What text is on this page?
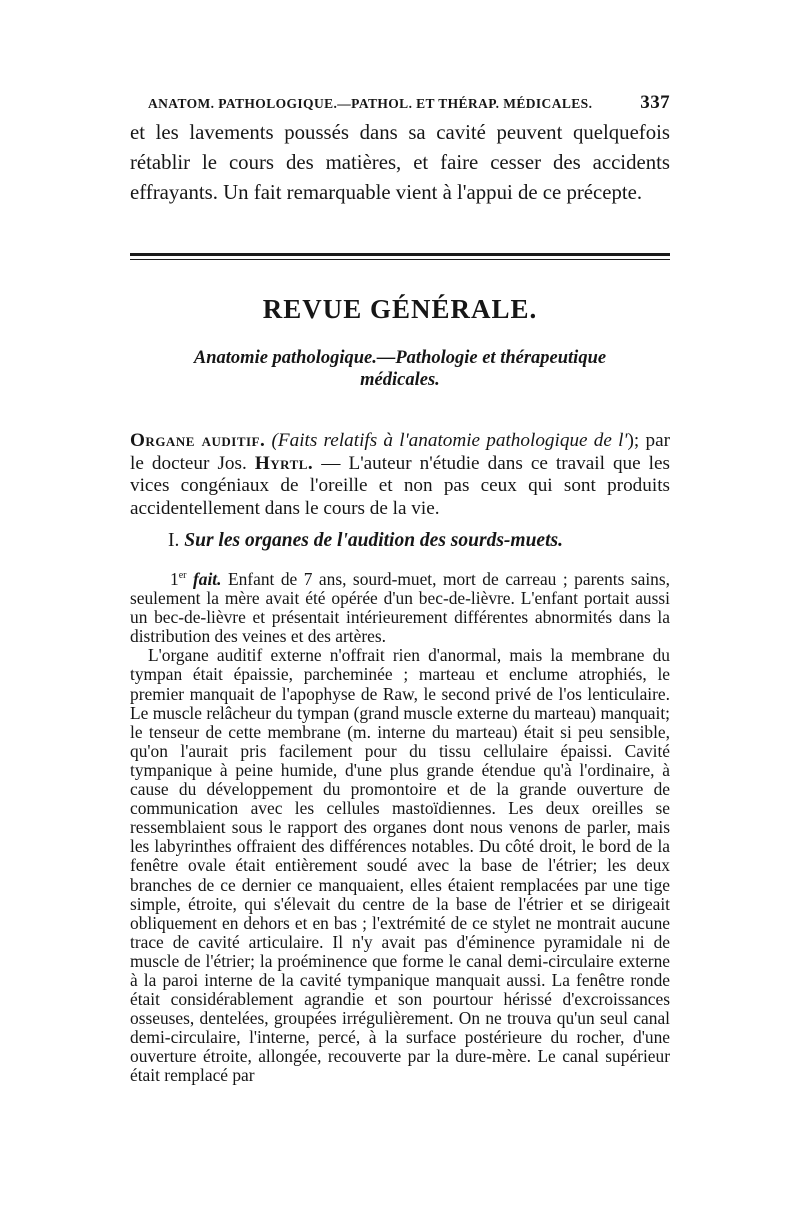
ANATOM. PATHOLOGIQUE.—PATHOL. ET THÉRAP. MÉDICALES.	337
et les lavements poussés dans sa cavité peuvent quelquefois rétablir le cours des matières, et faire cesser des accidents effrayants. Un fait remarquable vient à l'appui de ce précepte.
REVUE GÉNÉRALE.
Anatomie pathologique.—Pathologie et thérapeutique
médicales.
Organe auditif. (Faits relatifs à l'anatomie pathologique de l'); par le docteur Jos. Hyrtl. — L'auteur n'étudie dans ce travail que les vices congéniaux de l'oreille et non pas ceux qui sont produits accidentellement dans le cours de la vie.
I. Sur les organes de l'audition des sourds-muets.
1er fait. Enfant de 7 ans, sourd-muet, mort de carreau ; parents sains, seulement la mère avait été opérée d'un bec-de-lièvre. L'enfant portait aussi un bec-de-lièvre et présentait intérieurement différentes abnormités dans la distribution des veines et des artères.
L'organe auditif externe n'offrait rien d'anormal, mais la membrane du tympan était épaissie, parcheminée ; marteau et enclume atrophiés, le premier manquait de l'apophyse de Raw, le second privé de l'os lenticulaire. Le muscle relâcheur du tympan (grand muscle externe du marteau) manquait; le tenseur de cette membrane (m. interne du marteau) était si peu sensible, qu'on l'aurait pris facilement pour du tissu cellulaire épaissi. Cavité tympanique à peine humide, d'une plus grande étendue qu'à l'ordinaire, à cause du développement du promontoire et de la grande ouverture de communication avec les cellules mastoïdiennes. Les deux oreilles se ressemblaient sous le rapport des organes dont nous venons de parler, mais les labyrinthes offraient des différences notables. Du côté droit, le bord de la fenêtre ovale était entièrement soudé avec la base de l'étrier; les deux branches de ce dernier ce manquaient, elles étaient remplacées par une tige simple, étroite, qui s'élevait du centre de la base de l'étrier et se dirigeait obliquement en dehors et en bas ; l'extrémité de ce stylet ne montrait aucune trace de cavité articulaire. Il n'y avait pas d'éminence pyramidale ni de muscle de l'étrier; la proéminence que forme le canal demi-circulaire externe à la paroi interne de la cavité tympanique manquait aussi. La fenêtre ronde était considérablement agrandie et son pourtour hérissé d'excroissances osseuses, dentelées, groupées irrégulièrement. On ne trouva qu'un seul canal demi-circulaire, l'interne, percé, à la surface postérieure du rocher, d'une ouverture étroite, allongée, recouverte par la dure-mère. Le canal supérieur était remplacé par
